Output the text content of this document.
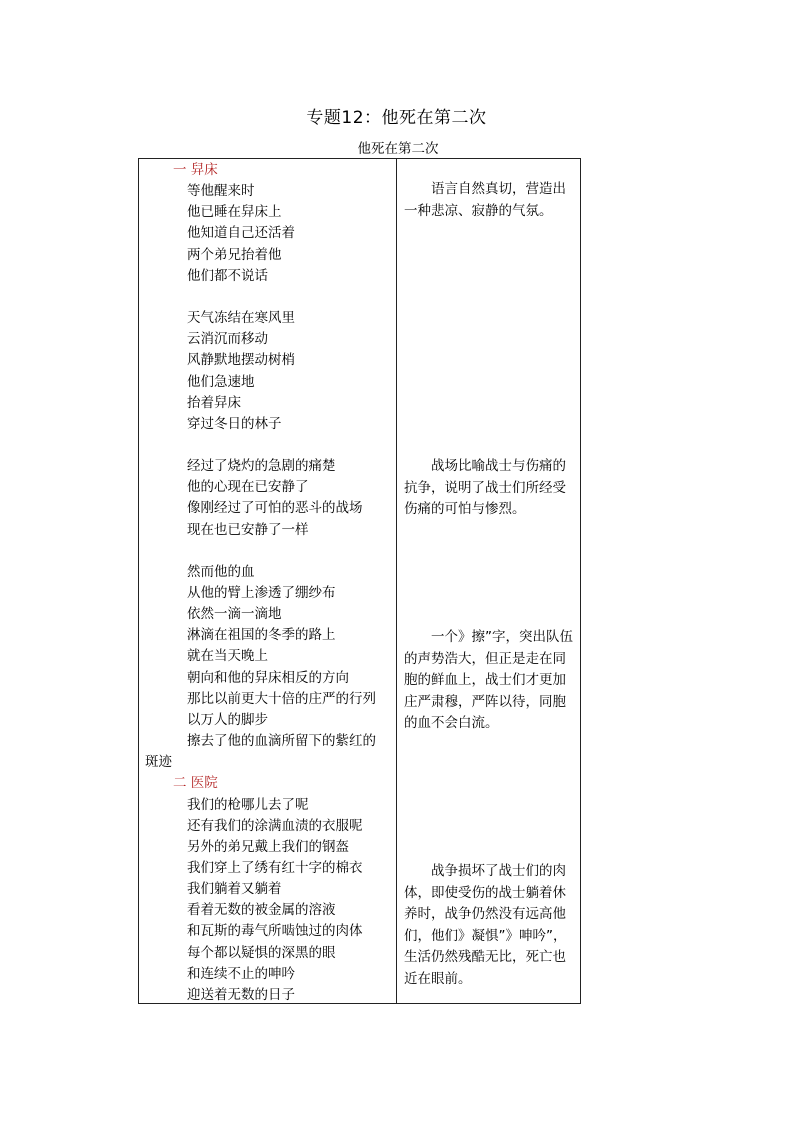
专题12：他死在第二次
他死在第二次
一 舁床
等他醒来时
他已睡在舁床上
他知道自己还活着
两个弟兄抬着他
他们都不说话
天气冻结在寒风里
云消沉而移动
风静默地摆动树梢
他们急速地
抬着舁床
穿过冬日的林子
经过了烧灼的急剧的痛楚
他的心现在已安静了
像刚经过了可怕的恶斗的战场
现在也已安静了一样
然而他的血
从他的臂上渗透了绷纱布
依然一滴一滴地
淋滴在祖国的冬季的路上
就在当天晚上
朝向和他的舁床相反的方向
那比以前更大十倍的庄严的行列
以万人的脚步
擦去了他的血滴所留下的紫红的
斑迹
二 医院
我们的枪哪儿去了呢
还有我们的涂满血渍的衣服呢
另外的弟兄戴上我们的钢盔
我们穿上了绣有红十字的棉衣
我们躺着又躺着
看着无数的被金属的溶液
和瓦斯的毒气所啮蚀过的肉体
每个都以疑惧的深黑的眼
和连续不止的呻吟
迎送着无数的日子
语言自然真切，营造出一种悲凉、寂静的气氛。
战场比喻战士与伤痛的抗争，说明了战士们所经受伤痛的可怕与惨烈。
一个》擦”字，突出队伍的声势浩大，但正是走在同胞的鲜血上，战士们才更加庄严肃穆，严阵以待，同胞的血不会白流。
战争损坏了战士们的肉体，即使受伤的战士躺着休养时，战争仍然没有远高他们，他们》凝惧”》呻吟”，生活仍然残酷无比，死亡也近在眼前。
